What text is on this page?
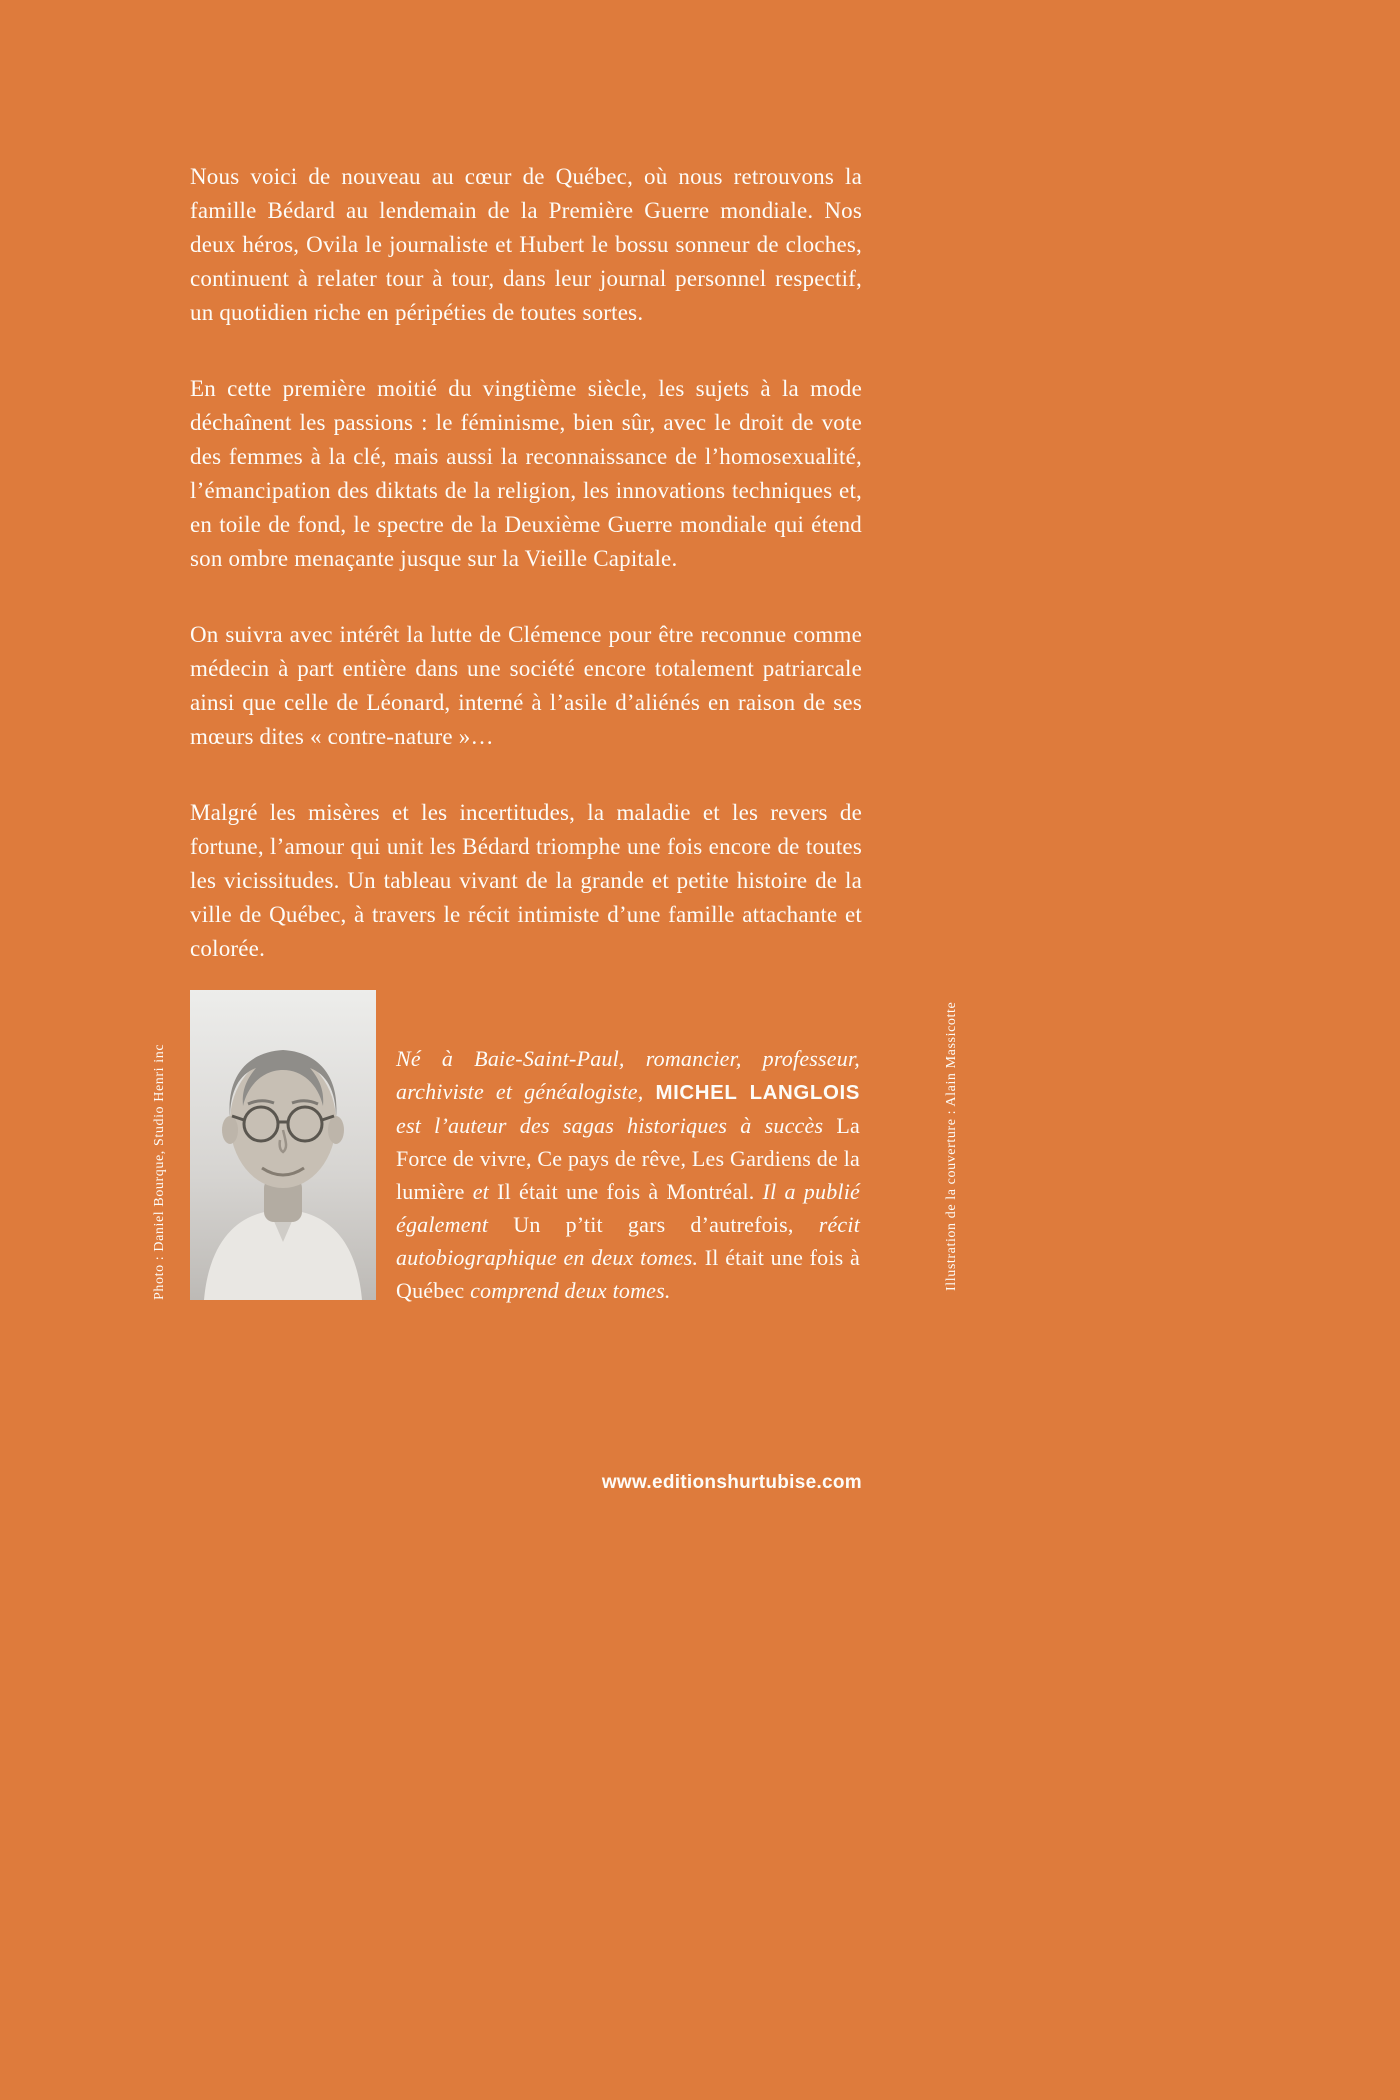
Nous voici de nouveau au cœur de Québec, où nous retrouvons la famille Bédard au lendemain de la Première Guerre mondiale. Nos deux héros, Ovila le journaliste et Hubert le bossu sonneur de cloches, continuent à relater tour à tour, dans leur journal personnel respectif, un quotidien riche en péripéties de toutes sortes.

En cette première moitié du vingtième siècle, les sujets à la mode déchaînent les passions : le féminisme, bien sûr, avec le droit de vote des femmes à la clé, mais aussi la reconnaissance de l’homosexualité, l’émancipation des diktats de la religion, les innovations techniques et, en toile de fond, le spectre de la Deuxième Guerre mondiale qui étend son ombre menaçante jusque sur la Vieille Capitale.

On suivra avec intérêt la lutte de Clémence pour être reconnue comme médecin à part entière dans une société encore totalement patriarcale ainsi que celle de Léonard, interné à l’asile d’aliénés en raison de ses mœurs dites « contre-nature »…

Malgré les misères et les incertitudes, la maladie et les revers de fortune, l’amour qui unit les Bédard triomphe une fois encore de toutes les vicissitudes. Un tableau vivant de la grande et petite histoire de la ville de Québec, à travers le récit intimiste d’une famille attachante et colorée.

Photo : Daniel Bourque, Studio Henri inc	Né à Baie-Saint-Paul, romancier, professeur, archiviste et généalogiste, MICHEL LANGLOIS est l’auteur des sagas historiques à succès La Force de vivre, Ce pays de rêve, Les Gardiens de la lumière et Il était une fois à Montréal. Il a publié également Un p’tit gars d’autrefois, récit autobiographique en deux tomes. Il était une fois à Québec comprend deux tomes.	Illustration de la couverture : Alain Massicotte
www.editionshurtubise.com
